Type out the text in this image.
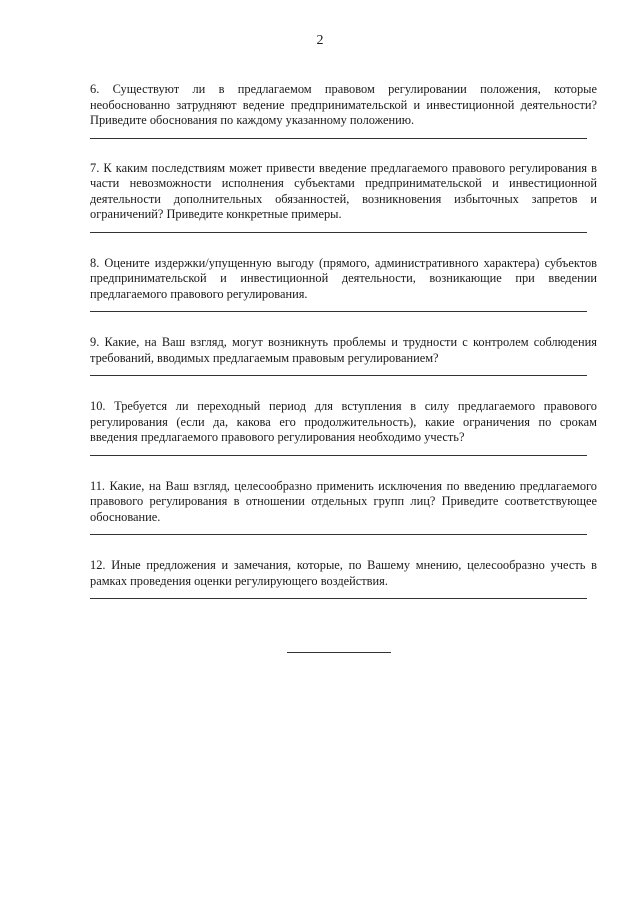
2

6. Существуют ли в предлагаемом правовом регулировании положения, которые необоснованно затрудняют ведение предпринимательской и инвестиционной деятельности? Приведите обоснования по каждому указанному положению.

7. К каким последствиям может привести введение предлагаемого правового регулирования в части невозможности исполнения субъектами предпринимательской и инвестиционной деятельности дополнительных обязанностей, возникновения избыточных запретов и ограничений? Приведите конкретные примеры.

8. Оцените издержки/упущенную выгоду (прямого, административного характера) субъектов предпринимательской и инвестиционной деятельности, возникающие при введении предлагаемого правового регулирования.

9. Какие, на Ваш взгляд, могут возникнуть проблемы и трудности с контролем соблюдения требований, вводимых предлагаемым правовым регулированием?

10. Требуется ли переходный период для вступления в силу предлагаемого правового регулирования (если да, какова его продолжительность), какие ограничения по срокам введения предлагаемого правового регулирования необходимо учесть?

11. Какие, на Ваш взгляд, целесообразно применить исключения по введению предлагаемого правового регулирования в отношении отдельных групп лиц? Приведите соответствующее обоснование.

12. Иные предложения и замечания, которые, по Вашему мнению, целесообразно учесть в рамках проведения оценки регулирующего воздействия.
